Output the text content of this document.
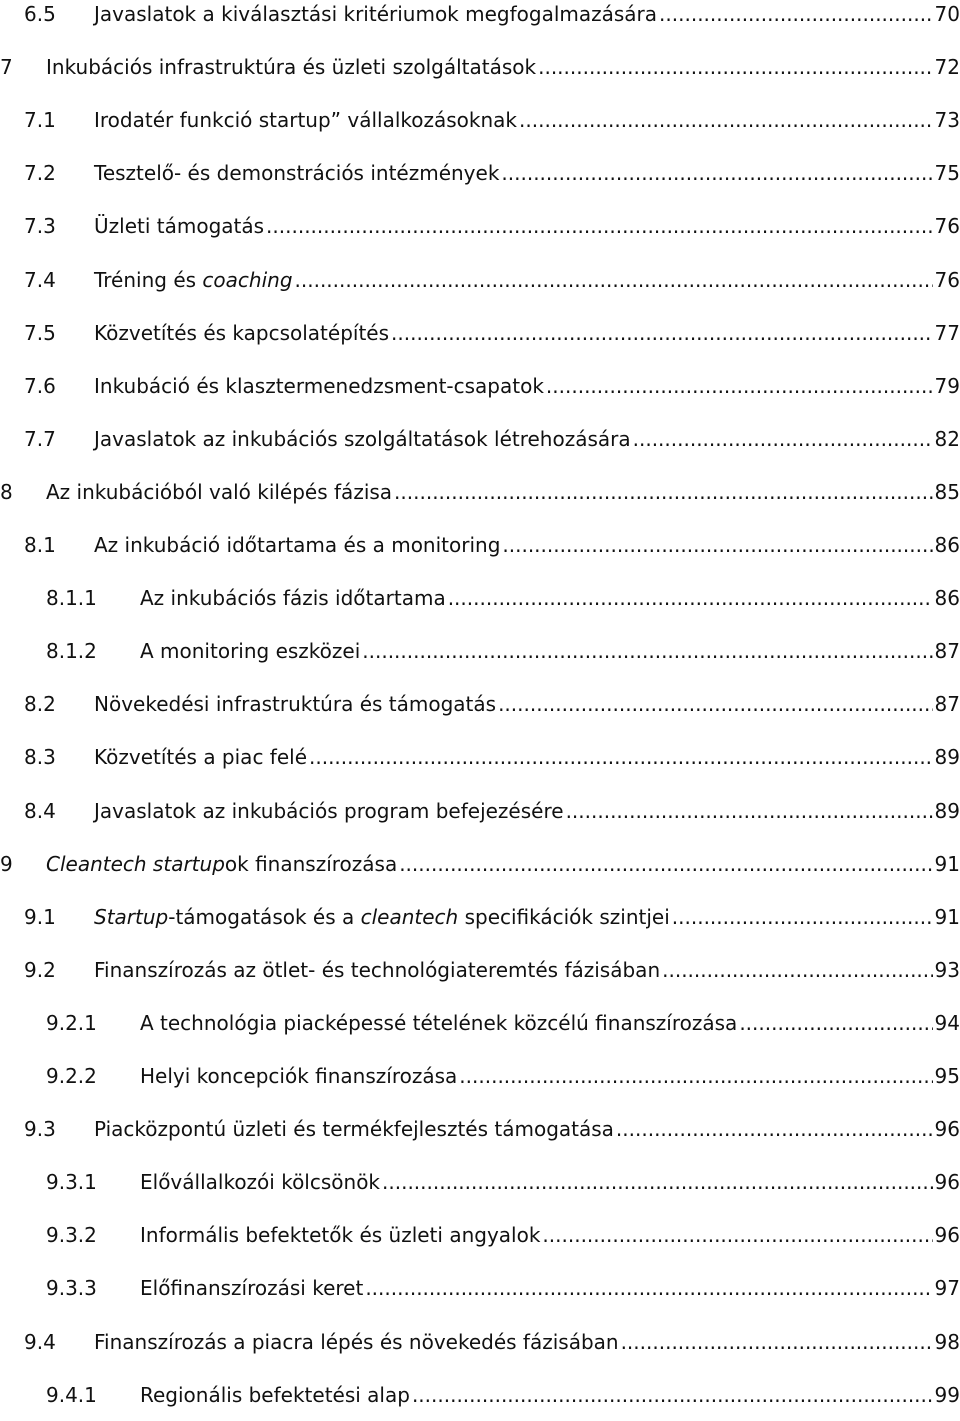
6.5 Javaslatok a kiválasztási kritériumok megfogalmazására .....	70
7 Inkubációs infrastruktúra és üzleti szolgáltatások .....	72
7.1 Irodatér funkció startup” vállalkozásoknak .....	73
7.2 Tesztelő- és demonstrációs intézmények .....	75
7.3 Üzleti támogatás .....	76
7.4 Tréning és coaching .....	76
7.5 Közvetítés és kapcsolatépítés .....	77
7.6 Inkubáció és klasztermenedzsment-csapatok .....	79
7.7 Javaslatok az inkubációs szolgáltatások létrehozására .....	82
8 Az inkubációból való kilépés fázisa .....	85
8.1 Az inkubáció időtartama és a monitoring .....	86
8.1.1 Az inkubációs fázis időtartama .....	86
8.1.2 A monitoring eszközei .....	87
8.2 Növekedési infrastruktúra és támogatás .....	87
8.3 Közvetítés a piac felé .....	89
8.4 Javaslatok az inkubációs program befejezésére .....	89
9 Cleantech startupok finanszírozása .....	91
9.1 Startup-támogatások és a cleantech specifikációk szintjei .....	91
9.2 Finanszírozás az ötlet- és technológiateremtés fázisában .....	93
9.2.1 A technológia piacképessé tételének közcélú finanszírozása .....	94
9.2.2 Helyi koncepciók finanszírozása .....	95
9.3 Piacközpontú üzleti és termékfejlesztés támogatása .....	96
9.3.1 Elővállalkozói kölcsönök .....	96
9.3.2 Informális befektetők és üzleti angyalok .....	96
9.3.3 Előfinanszírozási keret .....	97
9.4 Finanszírozás a piacra lépés és növekedés fázisában .....	98
9.4.1 Regionális befektetési alap .....	99
